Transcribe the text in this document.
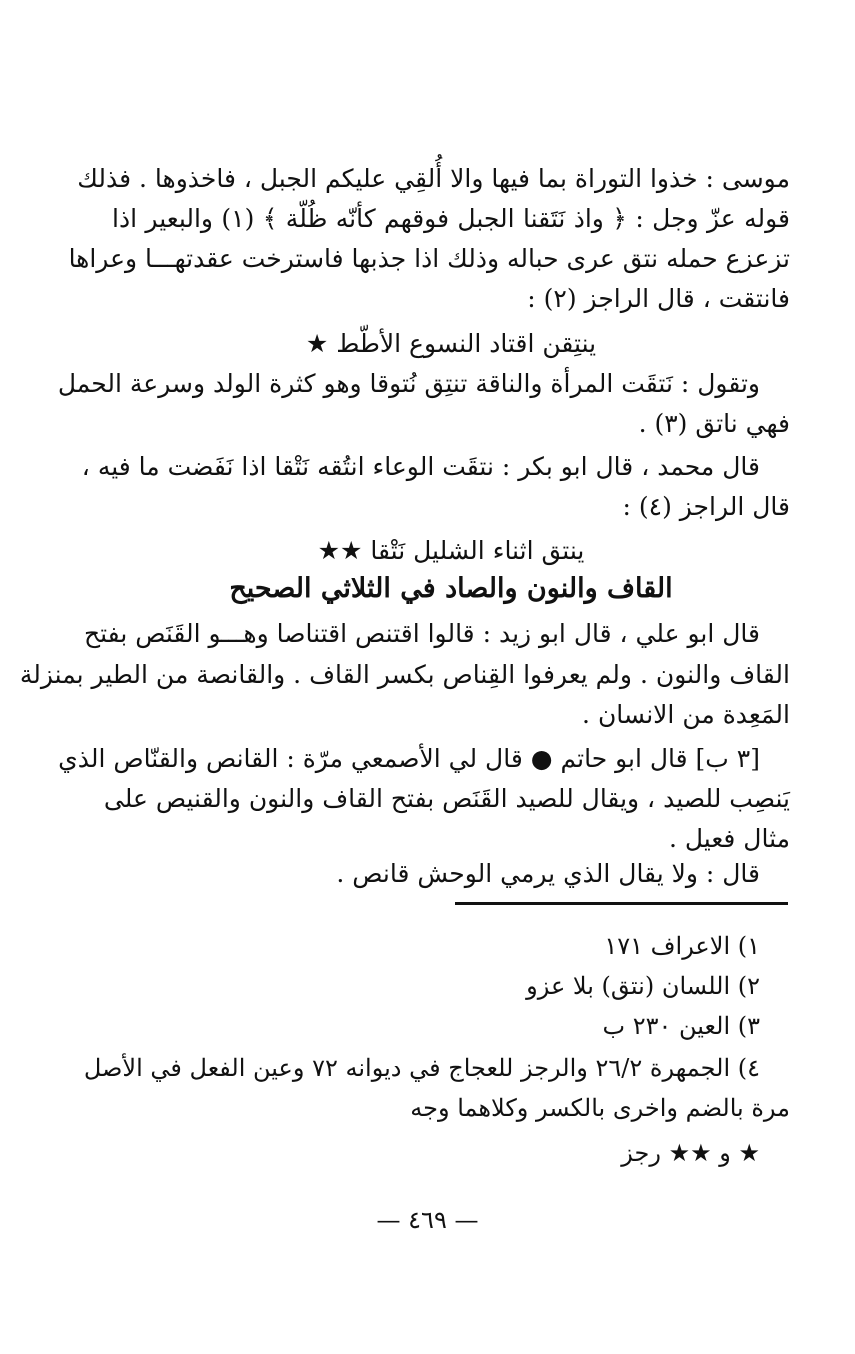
موسى : خذوا التوراة بما فيها والا أُلقِي عليكم الجبل ، فاخذوها . فذلك
قوله عزّ وجل : ﴿ واذ نَتَقنا الجبل فوقهم كأنّه ظُلّة ﴾ (١) والبعير اذا
تزعزع حمله نتق عرى حباله وذلك اذا جذبها فاسترخت عقدتهـــا وعراها
فانتقت ، قال الراجز (٢) :
ينتِقن اقتاد النسوع الأطّط ★
وتقول : نَتقَت المرأة والناقة تنتِق نُتوقا وهو كثرة الولد وسرعة الحمل
فهي ناتق (٣) .
قال محمد ، قال ابو بكر : نتقَت الوعاء انتُقه نَتْقا اذا نَفَضت ما فيه ،
قال الراجز (٤) :
ينتق اثناء الشليل نَتْقا ★★
القاف والنون والصاد في الثلاثي الصحيح
قال ابو علي ، قال ابو زيد : قالوا اقتنص اقتناصا وهـــو القَنَص بفتح
القاف والنون . ولم يعرفوا القِناص بكسر القاف . والقانصة من الطير بمنزلة
المَعِدة من الانسان .
[٣ ب] قال ابو حاتم ● قال لي الأصمعي مرّة : القانص والقنّاص الذي
يَنصِب للصيد ، ويقال للصيد القَنَص بفتح القاف والنون والقنيص على
مثال فعيل .
قال : ولا يقال الذي يرمي الوحش قانص .
١) الاعراف ١٧١
٢) اللسان (نتق) بلا عزو
٣) العين ٢٣٠ ب
٤) الجمهرة ٢٦/٢ والرجز للعجاج في ديوانه ٧٢ وعين الفعل في الأصل
مرة بالضم واخرى بالكسر وكلاهما وجه
★ و ★★ رجز
— ٤٦٩ —
